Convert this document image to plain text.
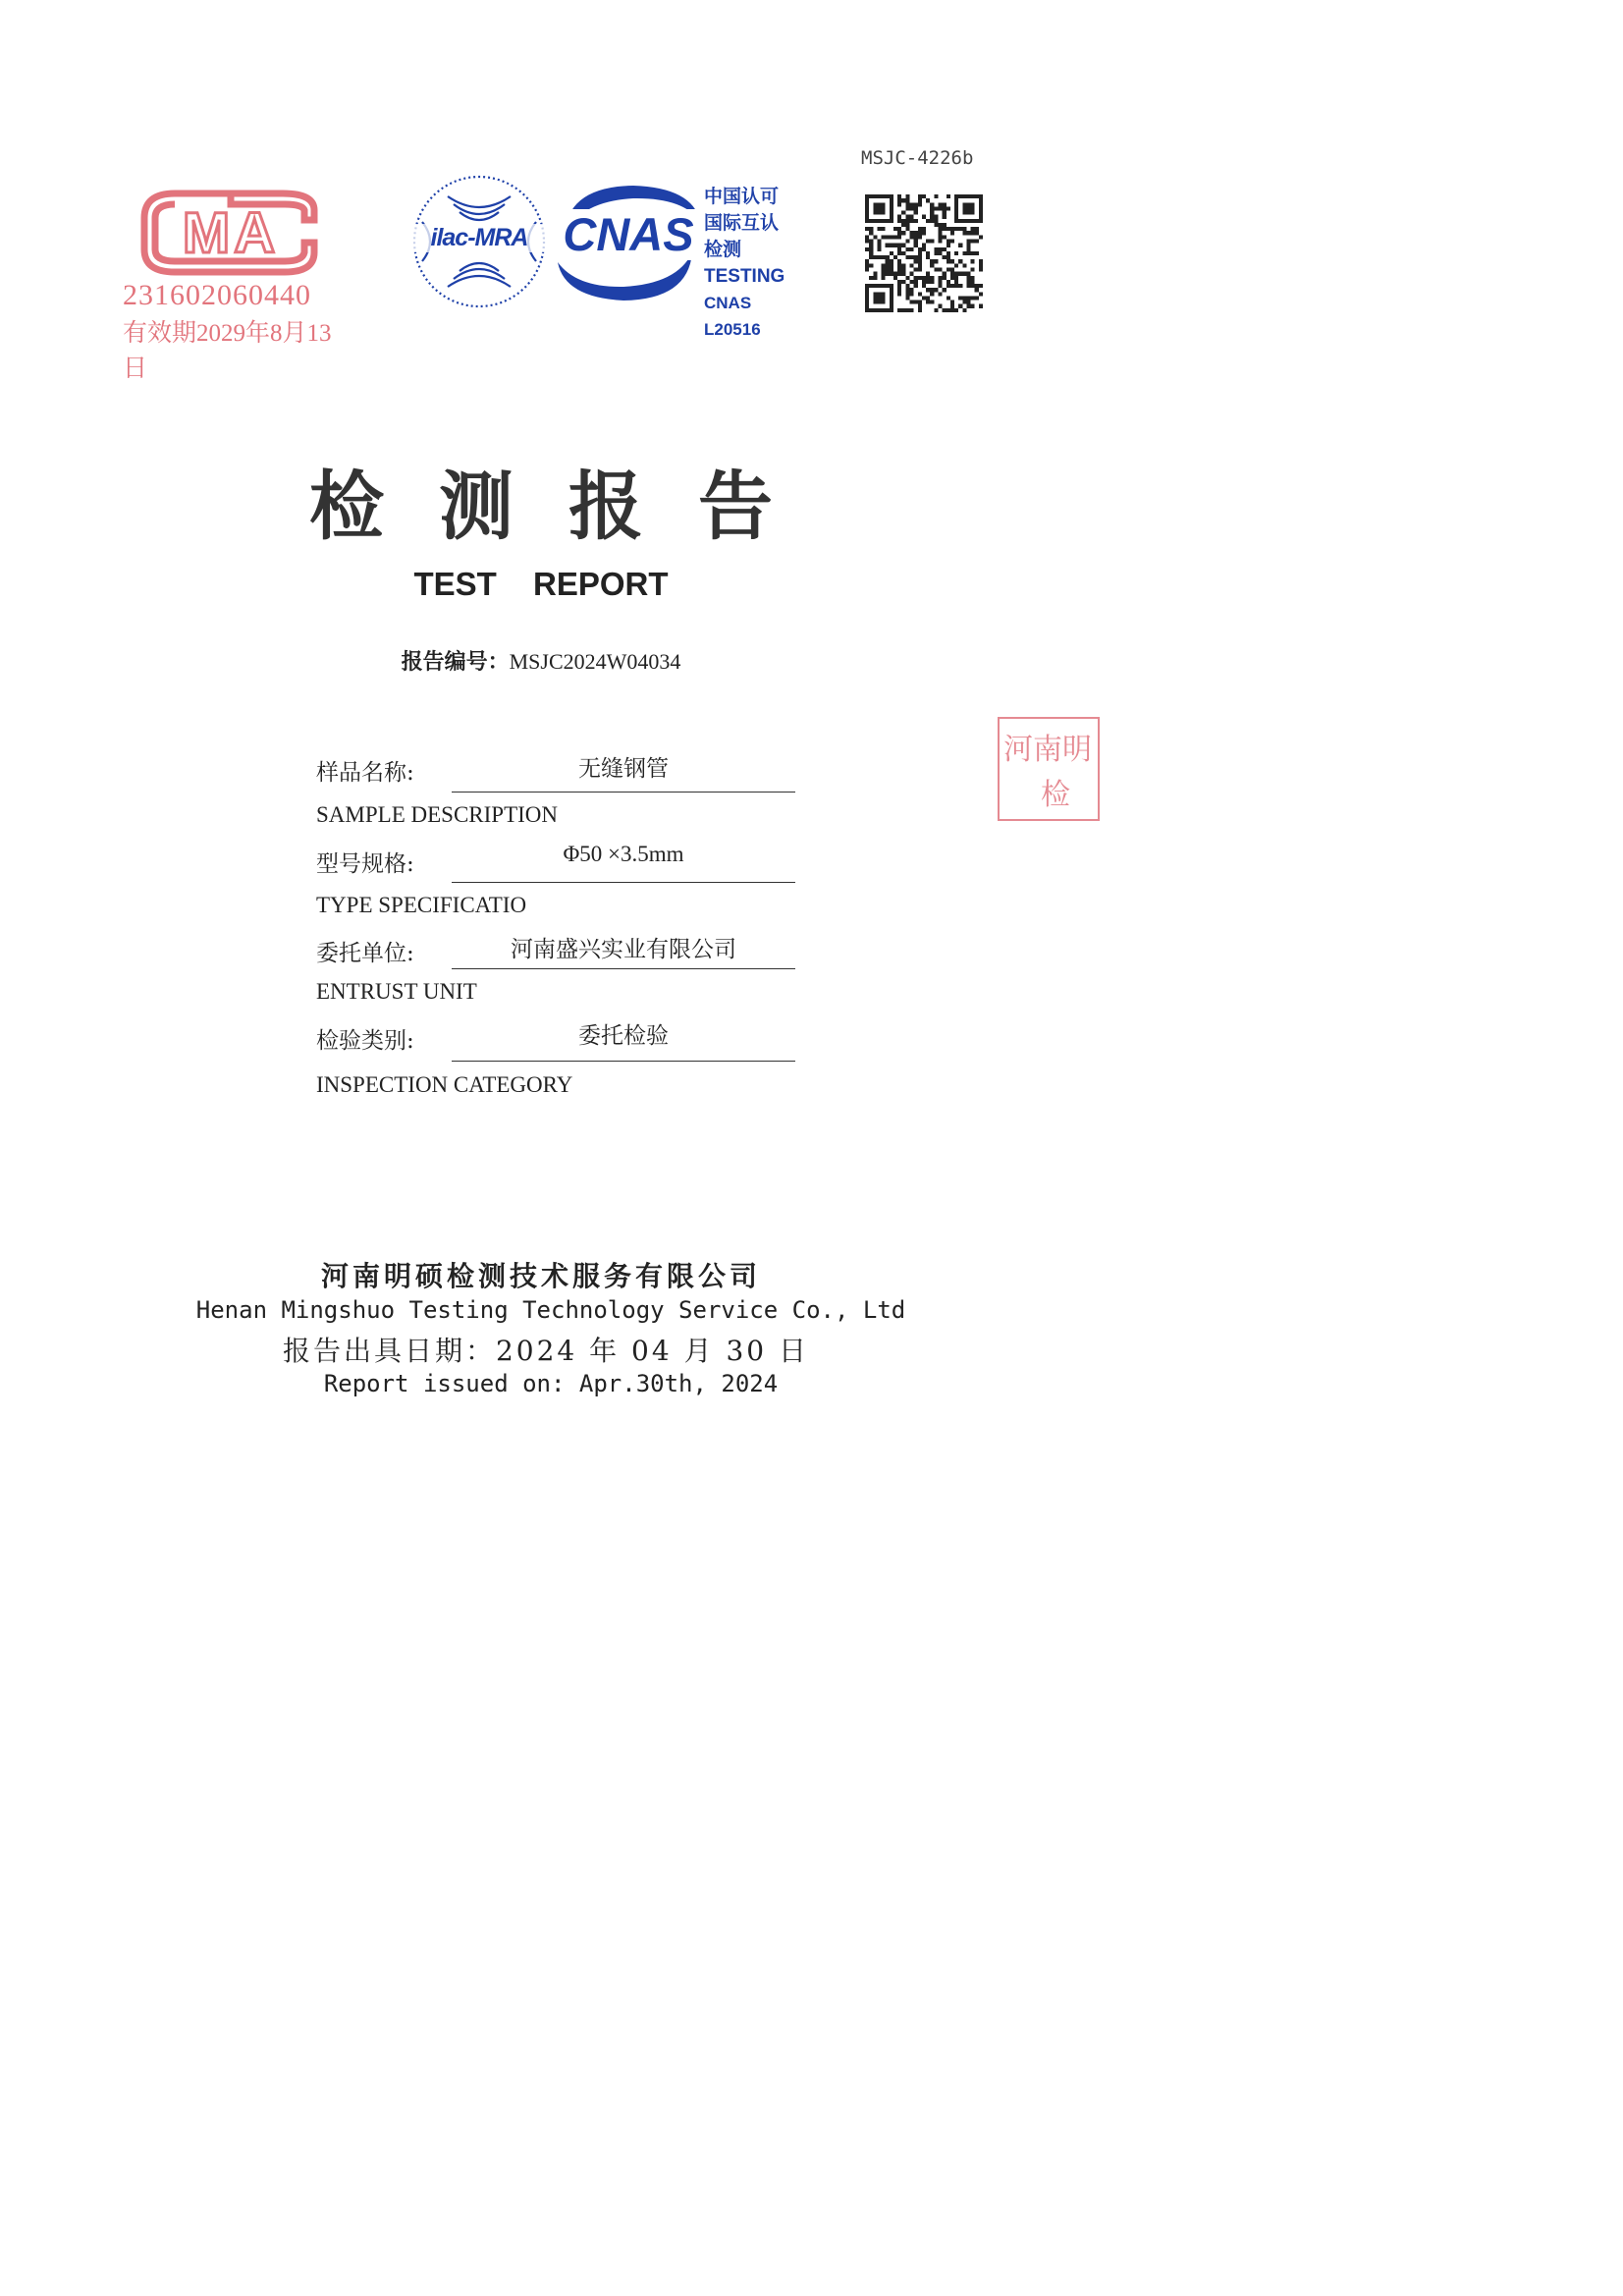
MSJC-4226b
MA
231602060440
有效期2029年8月13日
ilac-MRA CNAS
中国认可
国际互认
检测
TESTING
CNAS L20516
检测报告
TEST REPORT
报告编号：MSJC2024W04034
样品名称:	无缝钢管
SAMPLE DESCRIPTION
型号规格:	Φ50 ×3.5mm
TYPE SPECIFICATIO
委托单位:	河南盛兴实业有限公司
ENTRUST UNIT
检验类别:	委托检验
INSPECTION CATEGORY
河南明
检
河南明硕检测技术服务有限公司
Henan Mingshuo Testing Technology Service Co., Ltd
报告出具日期：2024 年 04 月 30 日
Report issued on: Apr.30th, 2024
